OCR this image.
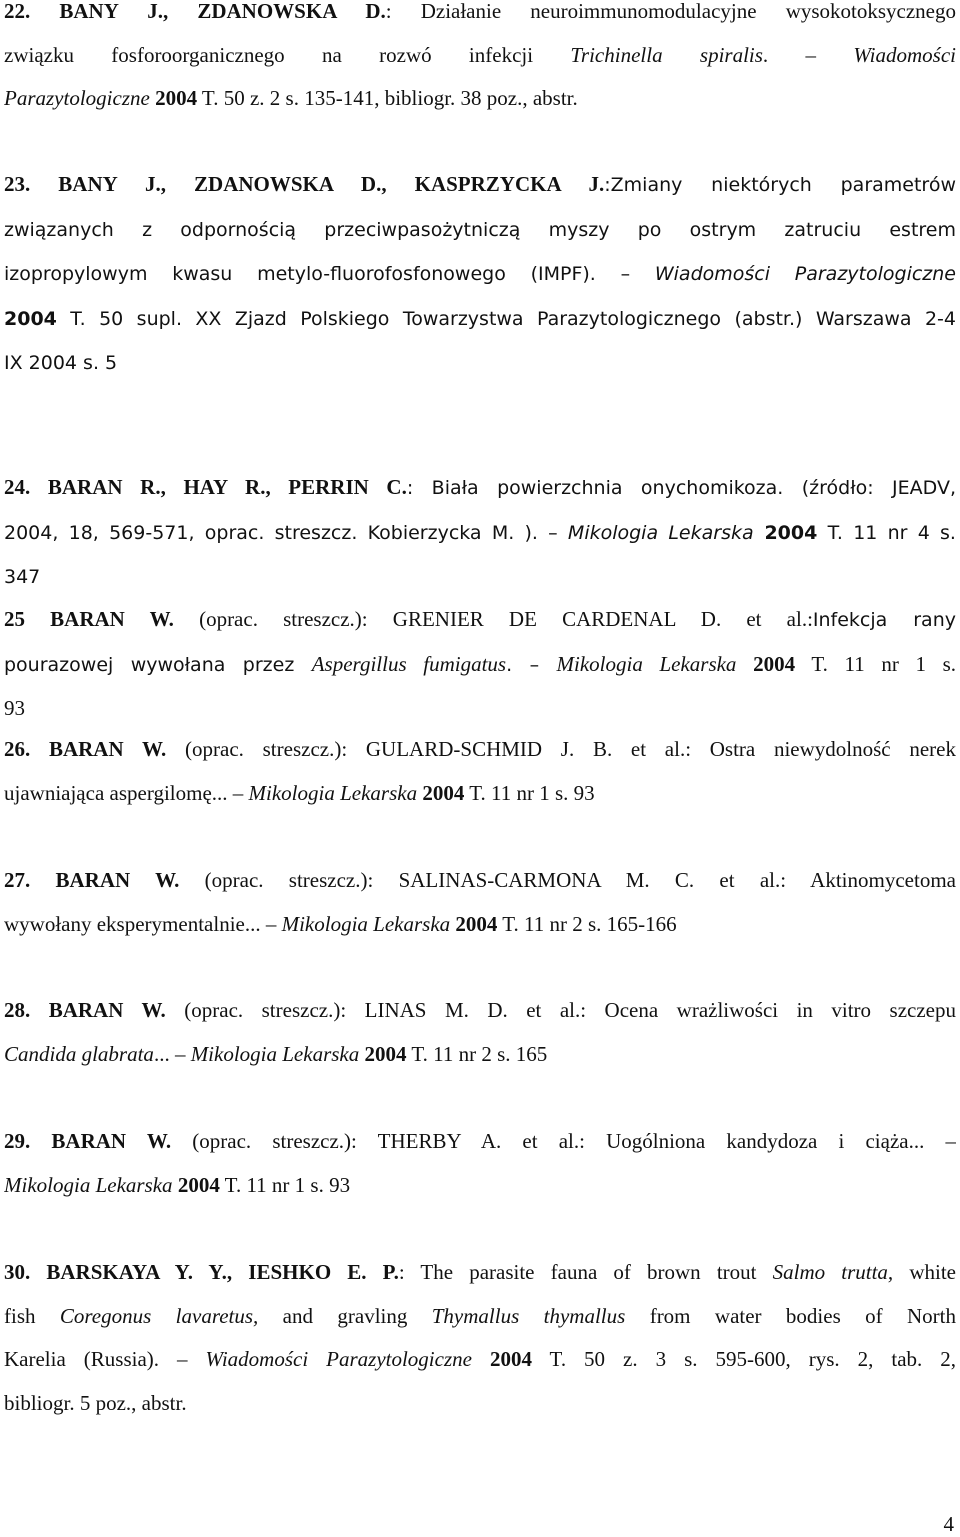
22. BANY J., ZDANOWSKA D.: Działanie neuroimmunomodulacyjne wysokotoksycznego
związku fosforoorganicznego na rozwó infekcji Trichinella spiralis. – Wiadomości
Parazytologiczne 2004 T. 50 z. 2 s. 135-141, bibliogr. 38 poz., abstr.
23. BANY J., ZDANOWSKA D., KASPRZYCKA J.:Zmiany niektórych parametrów
związanych z odpornością przeciwpasożytniczą myszy po ostrym zatruciu estrem
izopropylowym kwasu metylo-fluorofosfonowego (IMPF). – Wiadomości Parazytologiczne
2004 T. 50 supl. XX Zjazd Polskiego Towarzystwa Parazytologicznego (abstr.) Warszawa 2-4
IX 2004 s. 5
24. BARAN R., HAY R., PERRIN C.: Biała powierzchnia onychomikoza. (źródło: JEADV,
2004, 18, 569-571, oprac. streszcz. Kobierzycka M. ). – Mikologia Lekarska 2004 T. 11 nr 4 s.
347
25 BARAN W. (oprac. streszcz.): GRENIER DE CARDENAL D. et al.:Infekcja rany
pourazowej wywołana przez Aspergillus fumigatus. – Mikologia Lekarska 2004 T. 11 nr 1 s.
93
26. BARAN W. (oprac. streszcz.): GULARD-SCHMID J. B. et al.: Ostra niewydolność nerek
ujawniająca aspergilomę... – Mikologia Lekarska 2004 T. 11 nr 1 s. 93
27. BARAN W. (oprac. streszcz.): SALINAS-CARMONA M. C. et al.: Aktinomycetoma
wywołany eksperymentalnie... – Mikologia Lekarska 2004 T. 11 nr 2 s. 165-166
28. BARAN W. (oprac. streszcz.): LINAS M. D. et al.: Ocena wrażliwości in vitro szczepu
Candida glabrata... – Mikologia Lekarska 2004 T. 11 nr 2 s. 165
29. BARAN W. (oprac. streszcz.): THERBY A. et al.: Uogólniona kandydoza i ciąża... –
Mikologia Lekarska 2004 T. 11 nr 1 s. 93
30. BARSKAYA Y. Y., IESHKO E. P.: The parasite fauna of brown trout Salmo trutta, white
fish Coregonus lavaretus, and gravling Thymallus thymallus from water bodies of North
Karelia (Russia). – Wiadomości Parazytologiczne 2004 T. 50 z. 3 s. 595-600, rys. 2, tab. 2,
bibliogr. 5 poz., abstr.
4
